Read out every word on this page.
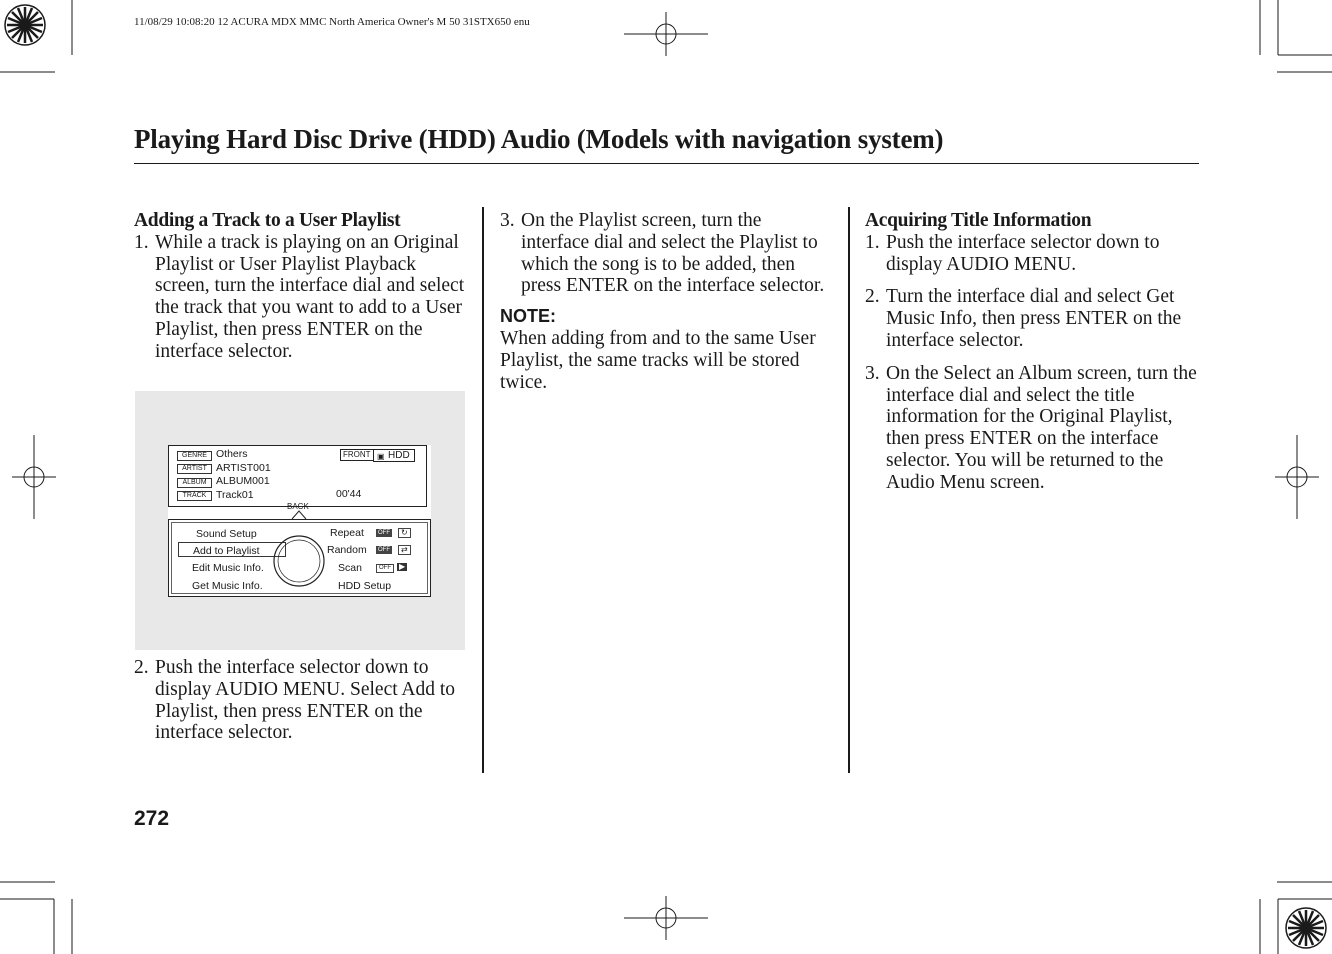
11/08/29 10:08:20 12 ACURA MDX MMC North America Owner's M 50 31STX650 enu
Playing Hard Disc Drive (HDD) Audio (Models with navigation system)
Adding a Track to a User Playlist
1. While a track is playing on an Original Playlist or User Playlist Playback screen, turn the interface dial and select the track that you want to add to a User Playlist, then press ENTER on the interface selector.
GENRE Others
ARTIST ARTIST001
ALBUM ALBUM001
TRACK Track01	00'44
FRONT ▣ HDD
BACK
Sound Setup
Add to Playlist
Edit Music Info.
Get Music Info.
Repeat
Random
Scan
HDD Setup
OFF	↻
OFF	⇄
OFF	▶
2. Push the interface selector down to display AUDIO MENU. Select Add to Playlist, then press ENTER on the interface selector.
3. On the Playlist screen, turn the interface dial and select the Playlist to which the song is to be added, then press ENTER on the interface selector.
NOTE:
When adding from and to the same User Playlist, the same tracks will be stored twice.
Acquiring Title Information
1. Push the interface selector down to display AUDIO MENU.
2. Turn the interface dial and select Get Music Info, then press ENTER on the interface selector.
3. On the Select an Album screen, turn the interface dial and select the title information for the Original Playlist, then press ENTER on the interface selector. You will be returned to the Audio Menu screen.
272
